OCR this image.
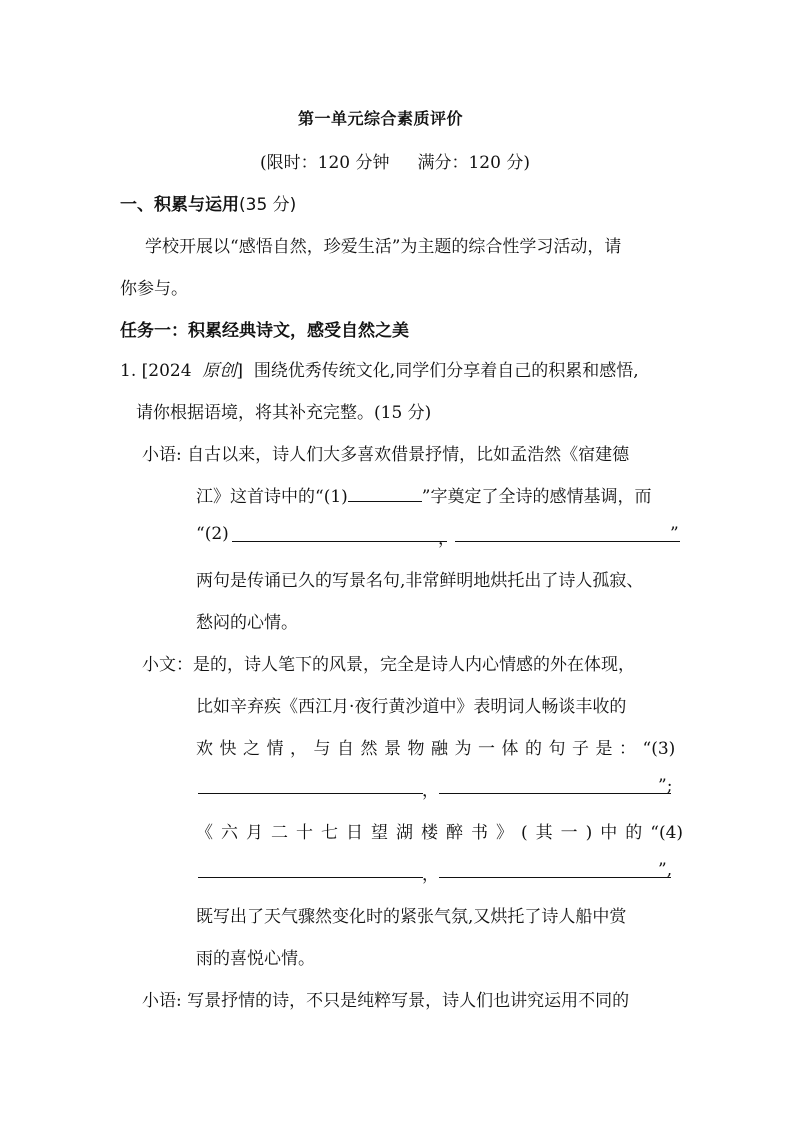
第一单元综合素质评价
(限时：120 分钟 满分：120 分)
一、积累与运用(35 分)
学校开展以“感悟自然，珍爱生活”为主题的综合性学习活动，请
你参与。
任务一：积累经典诗文，感受自然之美
1. [2024 原创] 围绕优秀传统文化,同学们分享着自己的积累和感悟,
请你根据语境，将其补充完整。(15 分)
小语: 自古以来，诗人们大多喜欢借景抒情，比如孟浩然《宿建德
江》这首诗中的“(1)	”字奠定了全诗的感情基调，而
“(2)	，	”
两句是传诵已久的写景名句,非常鲜明地烘托出了诗人孤寂、
愁闷的心情。
小文：是的，诗人笔下的风景，完全是诗人内心情感的外在体现，
比如辛弃疾《西江月·夜行黄沙道中》表明词人畅谈丰收的
欢快之情，与自然景物融为一体的句子是：“(3)
，	”;
《六月二十七日望湖楼醉书》(其一)中的“(4)
，	”,
既写出了天气骤然变化时的紧张气氛,又烘托了诗人船中赏
雨的喜悦心情。
小语: 写景抒情的诗，不只是纯粹写景，诗人们也讲究运用不同的
